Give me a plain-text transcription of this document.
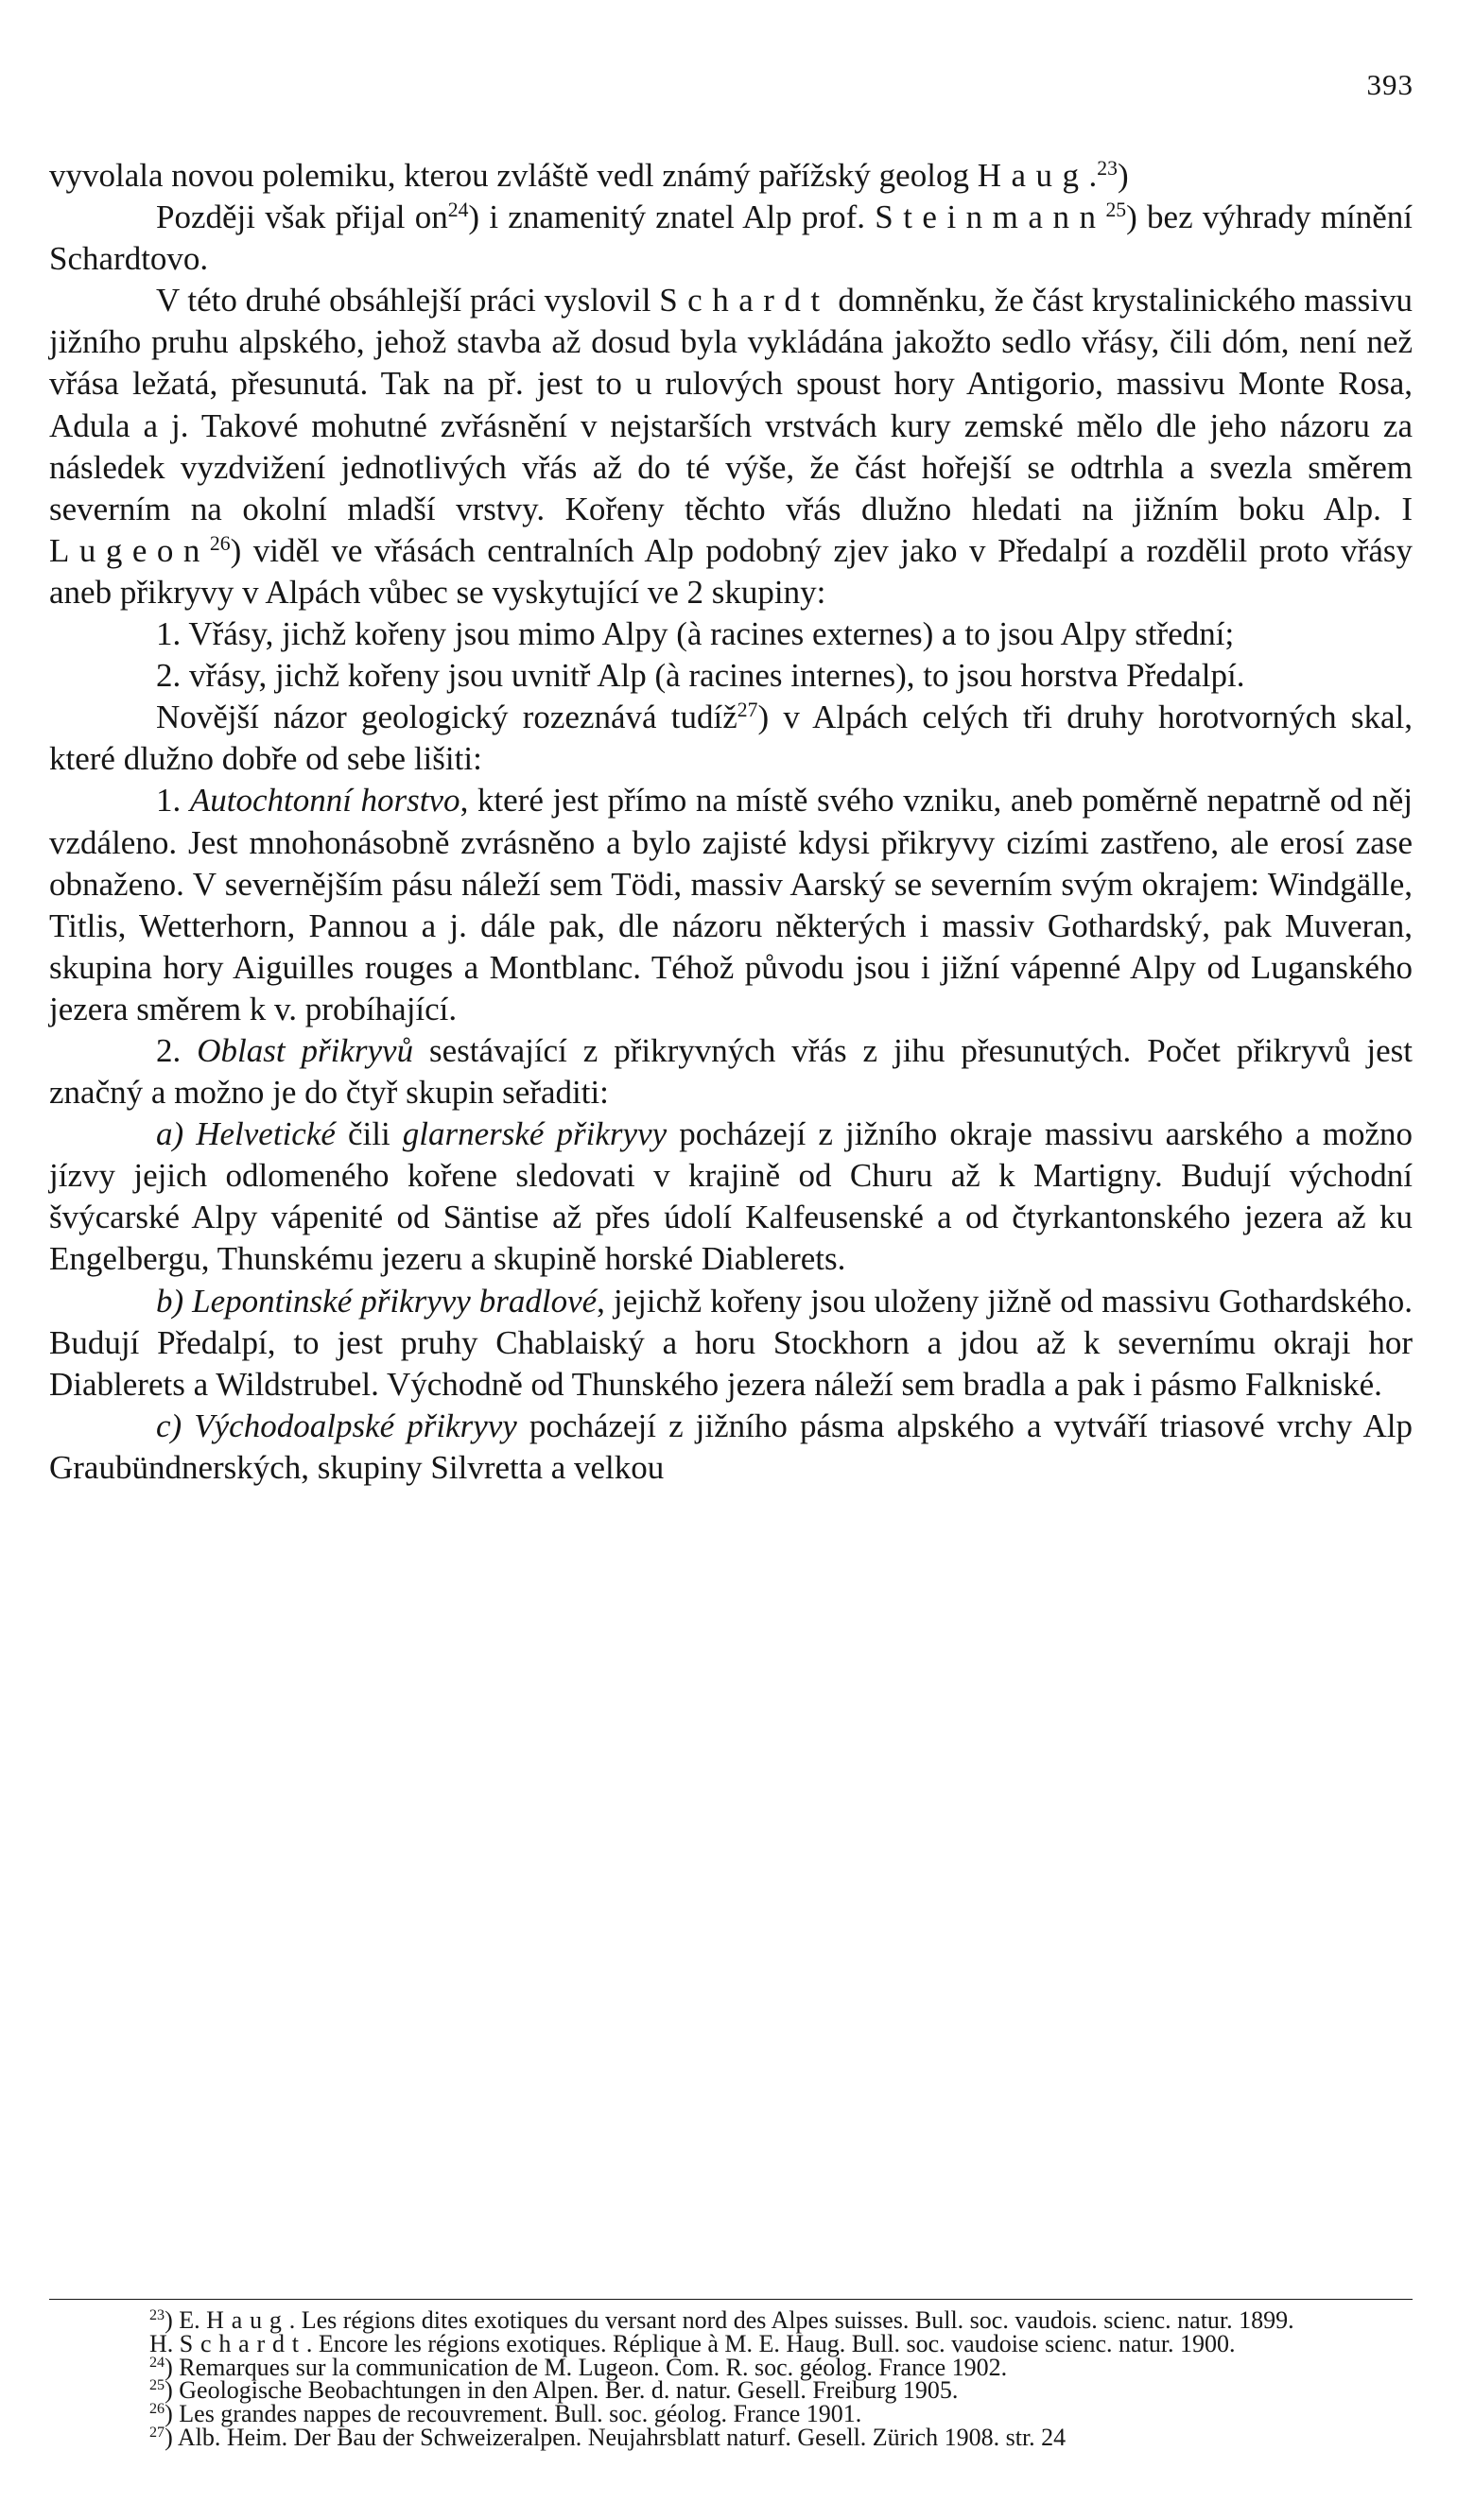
393

vyvolala novou polemiku, kterou zvláště vedl známý pařížský geolog Haug.$^{23}$)

Později však přijal $on^{24}$) i znamenitý znatel Alp prof. Steinmann$^{25}$) bez výhrady mínění Schardtovo.

V této druhé obsáhlejší práci vyslovil Schardt domněnku, že část krystalinického massivu jižního pruhu alpského, jehož stavba až dosud byla vykládána jakožto sedlo vřásy, čili dóm, není než vřása ležatá, přesunutá. Tak na př. jest to u rulových spoust hory Antigorio, massivu Monte Rosa, Adula a j. Takové mohutné zvřásnění v nejstarších vrstvách kury zemské mělo dle jeho názoru za následek vyzdvižení jednotlivých vřás až do té výše, že část hořejší se odtrhla a svezla směrem severním na okolní mladší vrstvy. Kořeny těchto vřás dlužno hledati na jižním boku Alp. I Lugeon$^{26}$) viděl ve vřásách centralních Alp podobný zjev jako v Předalpí a rozdělil proto vřásy aneb přikryvy v Alpách vůbec se vyskytující ve 2 skupiny:

1. Vřásy, jichž kořeny jsou mimo Alpy (à racines externes) a to jsou Alpy střední;

2. vřásy, jichž kořeny jsou uvnitř Alp (à racines internes), to jsou horstva Předalpí.

Novější názor geologický rozeznává tudíž$^{27}$) v Alpách celých tři druhy horotvorných skal, které dlužno dobře od sebe lišiti:

1. Autochtonní horstvo, které jest přímo na místě svého vzniku, aneb poměrně nepatrně od něj vzdáleno. Jest mnohonásobně zvrásněno a bylo zajisté kdysi přikryvy cizími zastřeno, ale erosí zase obnaženo. V severnějším pásu náleží sem Tödi, massiv Aarský se severním svým okrajem: Windgälle, Titlis, Wetterhorn, Pannou a j. dále pak, dle názoru některých i massiv Gothardský, pak Muveran, skupina hory Aiguilles rouges a Montblanc. Téhož původu jsou i jižní vápenné Alpy od Luganského jezera směrem k v. probíhající.

2. Oblast přikryvů sestávající z přikryvných vřás z jihu přesunutých. Počet přikryvů jest značný a možno je do čtyř skupin seřaditi:

a) Helvetické čili glarnerské přikryvy pocházejí z jižního okraje massivu aarského a možno jízvy jejich odlomeného kořene sledovati v krajině od Churu až k Martigny. Budují východní švýcarské Alpy vápenité od Säntise až přes údolí Kalfeusenské a od čtyrkantonského jezera až ku Engelbergu, Thunskému jezeru a skupině horské Diablerets.

b) Lepontinské přikryvy bradlové, jejichž kořeny jsou uloženy jižně od massivu Gothardského. Budují Předalpí, to jest pruhy Chablaiský a horu Stockhorn a jdou až k severnímu okraji hor Diablerets a Wildstrubel. Východně od Thunského jezera náleží sem bradla a pak i pásmo Falkniské.

c) Východoalpské přikryvy pocházejí z jižního pásma alpského a vytváří triasové vrchy Alp Graubündnerských, skupiny Silvretta a velkou

$^{23}$) E. Haug. Les régions dites exotiques du versant nord des Alpes suisses. Bull. soc. vaudois. scienc. natur. 1899.

H. Schardt. Encore les régions exotiques. Réplique à M. E. Haug. Bull. soc. vaudoise scienc. natur. 1900.

$^{24}$) Remarques sur la communication de M. Lugeon. Com. R. soc. géolog. France 1902.

$^{25}$) Geologische Beobachtungen in den Alpen. Ber. d. natur. Gesell. Freiburg 1905.

$^{26}$) Les grandes nappes de recouvrement. Bull. soc. géolog. France 1901.

$^{27}$) Alb. Heim. Der Bau der Schweizeralpen. Neujahrsblatt naturf. Gesell. Zürich 1908. str. 24
